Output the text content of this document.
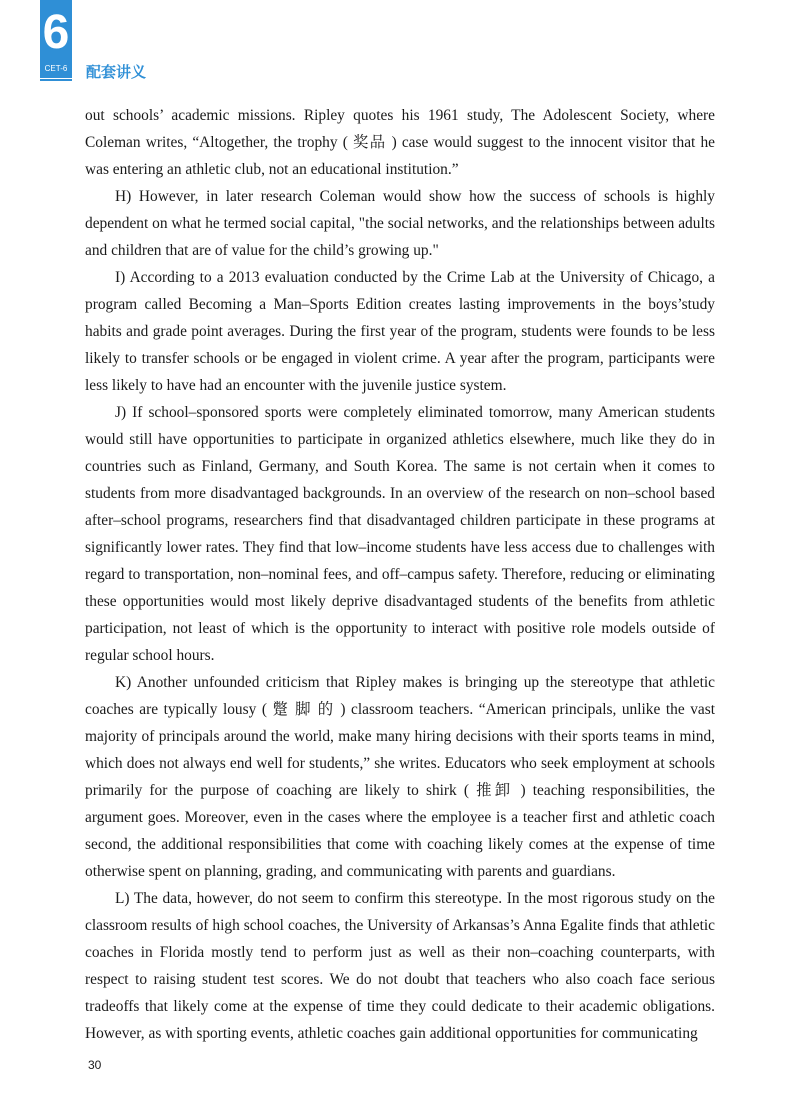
6
CET-6	配套讲义

out schools’ academic missions. Ripley quotes his 1961 study, The Adolescent Society, where Coleman writes, “Altogether, the trophy ( 奖品 ) case would suggest to the innocent visitor that he was entering an athletic club, not an educational institution.”

H) However, in later research Coleman would show how the success of schools is highly dependent on what he termed social capital, "the social networks, and the relationships between adults and children that are of value for the child’s growing up."

I) According to a 2013 evaluation conducted by the Crime Lab at the University of Chicago, a program called Becoming a Man–Sports Edition creates lasting improvements in the boys’study habits and grade point averages. During the first year of the program, students were founds to be less likely to transfer schools or be engaged in violent crime. A year after the program, participants were less likely to have had an encounter with the juvenile justice system.

J) If school–sponsored sports were completely eliminated tomorrow, many American students would still have opportunities to participate in organized athletics elsewhere, much like they do in countries such as Finland, Germany, and South Korea. The same is not certain when it comes to students from more disadvantaged backgrounds. In an overview of the research on non–school based after–school programs, researchers find that disadvantaged children participate in these programs at significantly lower rates. They find that low–income students have less access due to challenges with regard to transportation, non–nominal fees, and off–campus safety. Therefore, reducing or eliminating these opportunities would most likely deprive disadvantaged students of the benefits from athletic participation, not least of which is the opportunity to interact with positive role models outside of regular school hours.

K) Another unfounded criticism that Ripley makes is bringing up the stereotype that athletic coaches are typically lousy ( 蹩 脚 的 ) classroom teachers. “American principals, unlike the vast majority of principals around the world, make many hiring decisions with their sports teams in mind, which does not always end well for students,” she writes. Educators who seek employment at schools primarily for the purpose of coaching are likely to shirk ( 推卸 ) teaching responsibilities, the argument goes. Moreover, even in the cases where the employee is a teacher first and athletic coach second, the additional responsibilities that come with coaching likely comes at the expense of time otherwise spent on planning, grading, and communicating with parents and guardians.

L) The data, however, do not seem to confirm this stereotype. In the most rigorous study on the classroom results of high school coaches, the University of Arkansas’s Anna Egalite finds that athletic coaches in Florida mostly tend to perform just as well as their non–coaching counterparts, with respect to raising student test scores. We do not doubt that teachers who also coach face serious tradeoffs that likely come at the expense of time they could dedicate to their academic obligations. However, as with sporting events, athletic coaches gain additional opportunities for communicating

30
